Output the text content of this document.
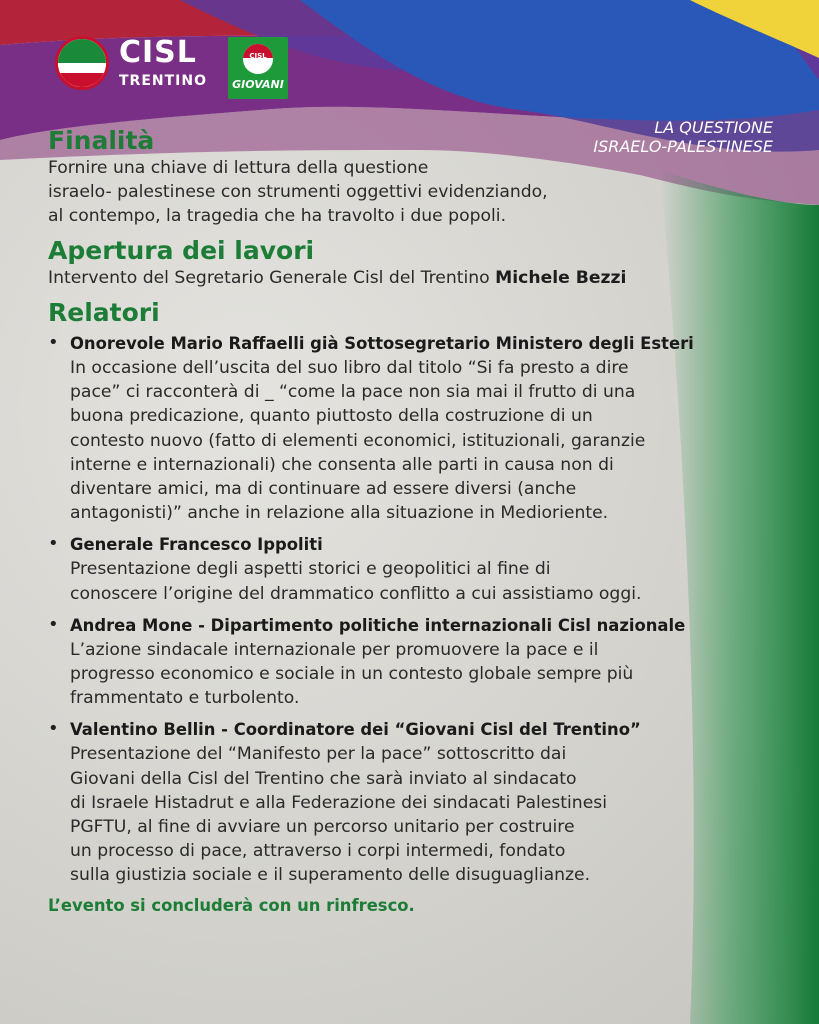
CISL
TRENTINO
CISL
GIOVANI
LA QUESTIONE
ISRAELO-PALESTINESE
Finalità
Fornire una chiave di lettura della questione
israelo- palestinese con strumenti oggettivi evidenziando,
al contempo, la tragedia che ha travolto i due popoli.
Apertura dei lavori
Intervento del Segretario Generale Cisl del Trentino Michele Bezzi
Relatori
• Onorevole Mario Raffaelli già Sottosegretario Ministero degli Esteri
In occasione dell’uscita del suo libro dal titolo “Si fa presto a dire
pace” ci racconterà di _ “come la pace non sia mai il frutto di una
buona predicazione, quanto piuttosto della costruzione di un
contesto nuovo (fatto di elementi economici, istituzionali, garanzie
interne e internazionali) che consenta alle parti in causa non di
diventare amici, ma di continuare ad essere diversi (anche
antagonisti)” anche in relazione alla situazione in Medioriente.
• Generale Francesco Ippoliti
Presentazione degli aspetti storici e geopolitici al fine di
conoscere l’origine del drammatico conflitto a cui assistiamo oggi.
• Andrea Mone - Dipartimento politiche internazionali Cisl nazionale
L’azione sindacale internazionale per promuovere la pace e il
progresso economico e sociale in un contesto globale sempre più
frammentato e turbolento.
• Valentino Bellin - Coordinatore dei “Giovani Cisl del Trentino”
Presentazione del “Manifesto per la pace” sottoscritto dai
Giovani della Cisl del Trentino che sarà inviato al sindacato
di Israele Histadrut e alla Federazione dei sindacati Palestinesi
PGFTU, al fine di avviare un percorso unitario per costruire
un processo di pace, attraverso i corpi intermedi, fondato
sulla giustizia sociale e il superamento delle disuguaglianze.
L’evento si concluderà con un rinfresco.
